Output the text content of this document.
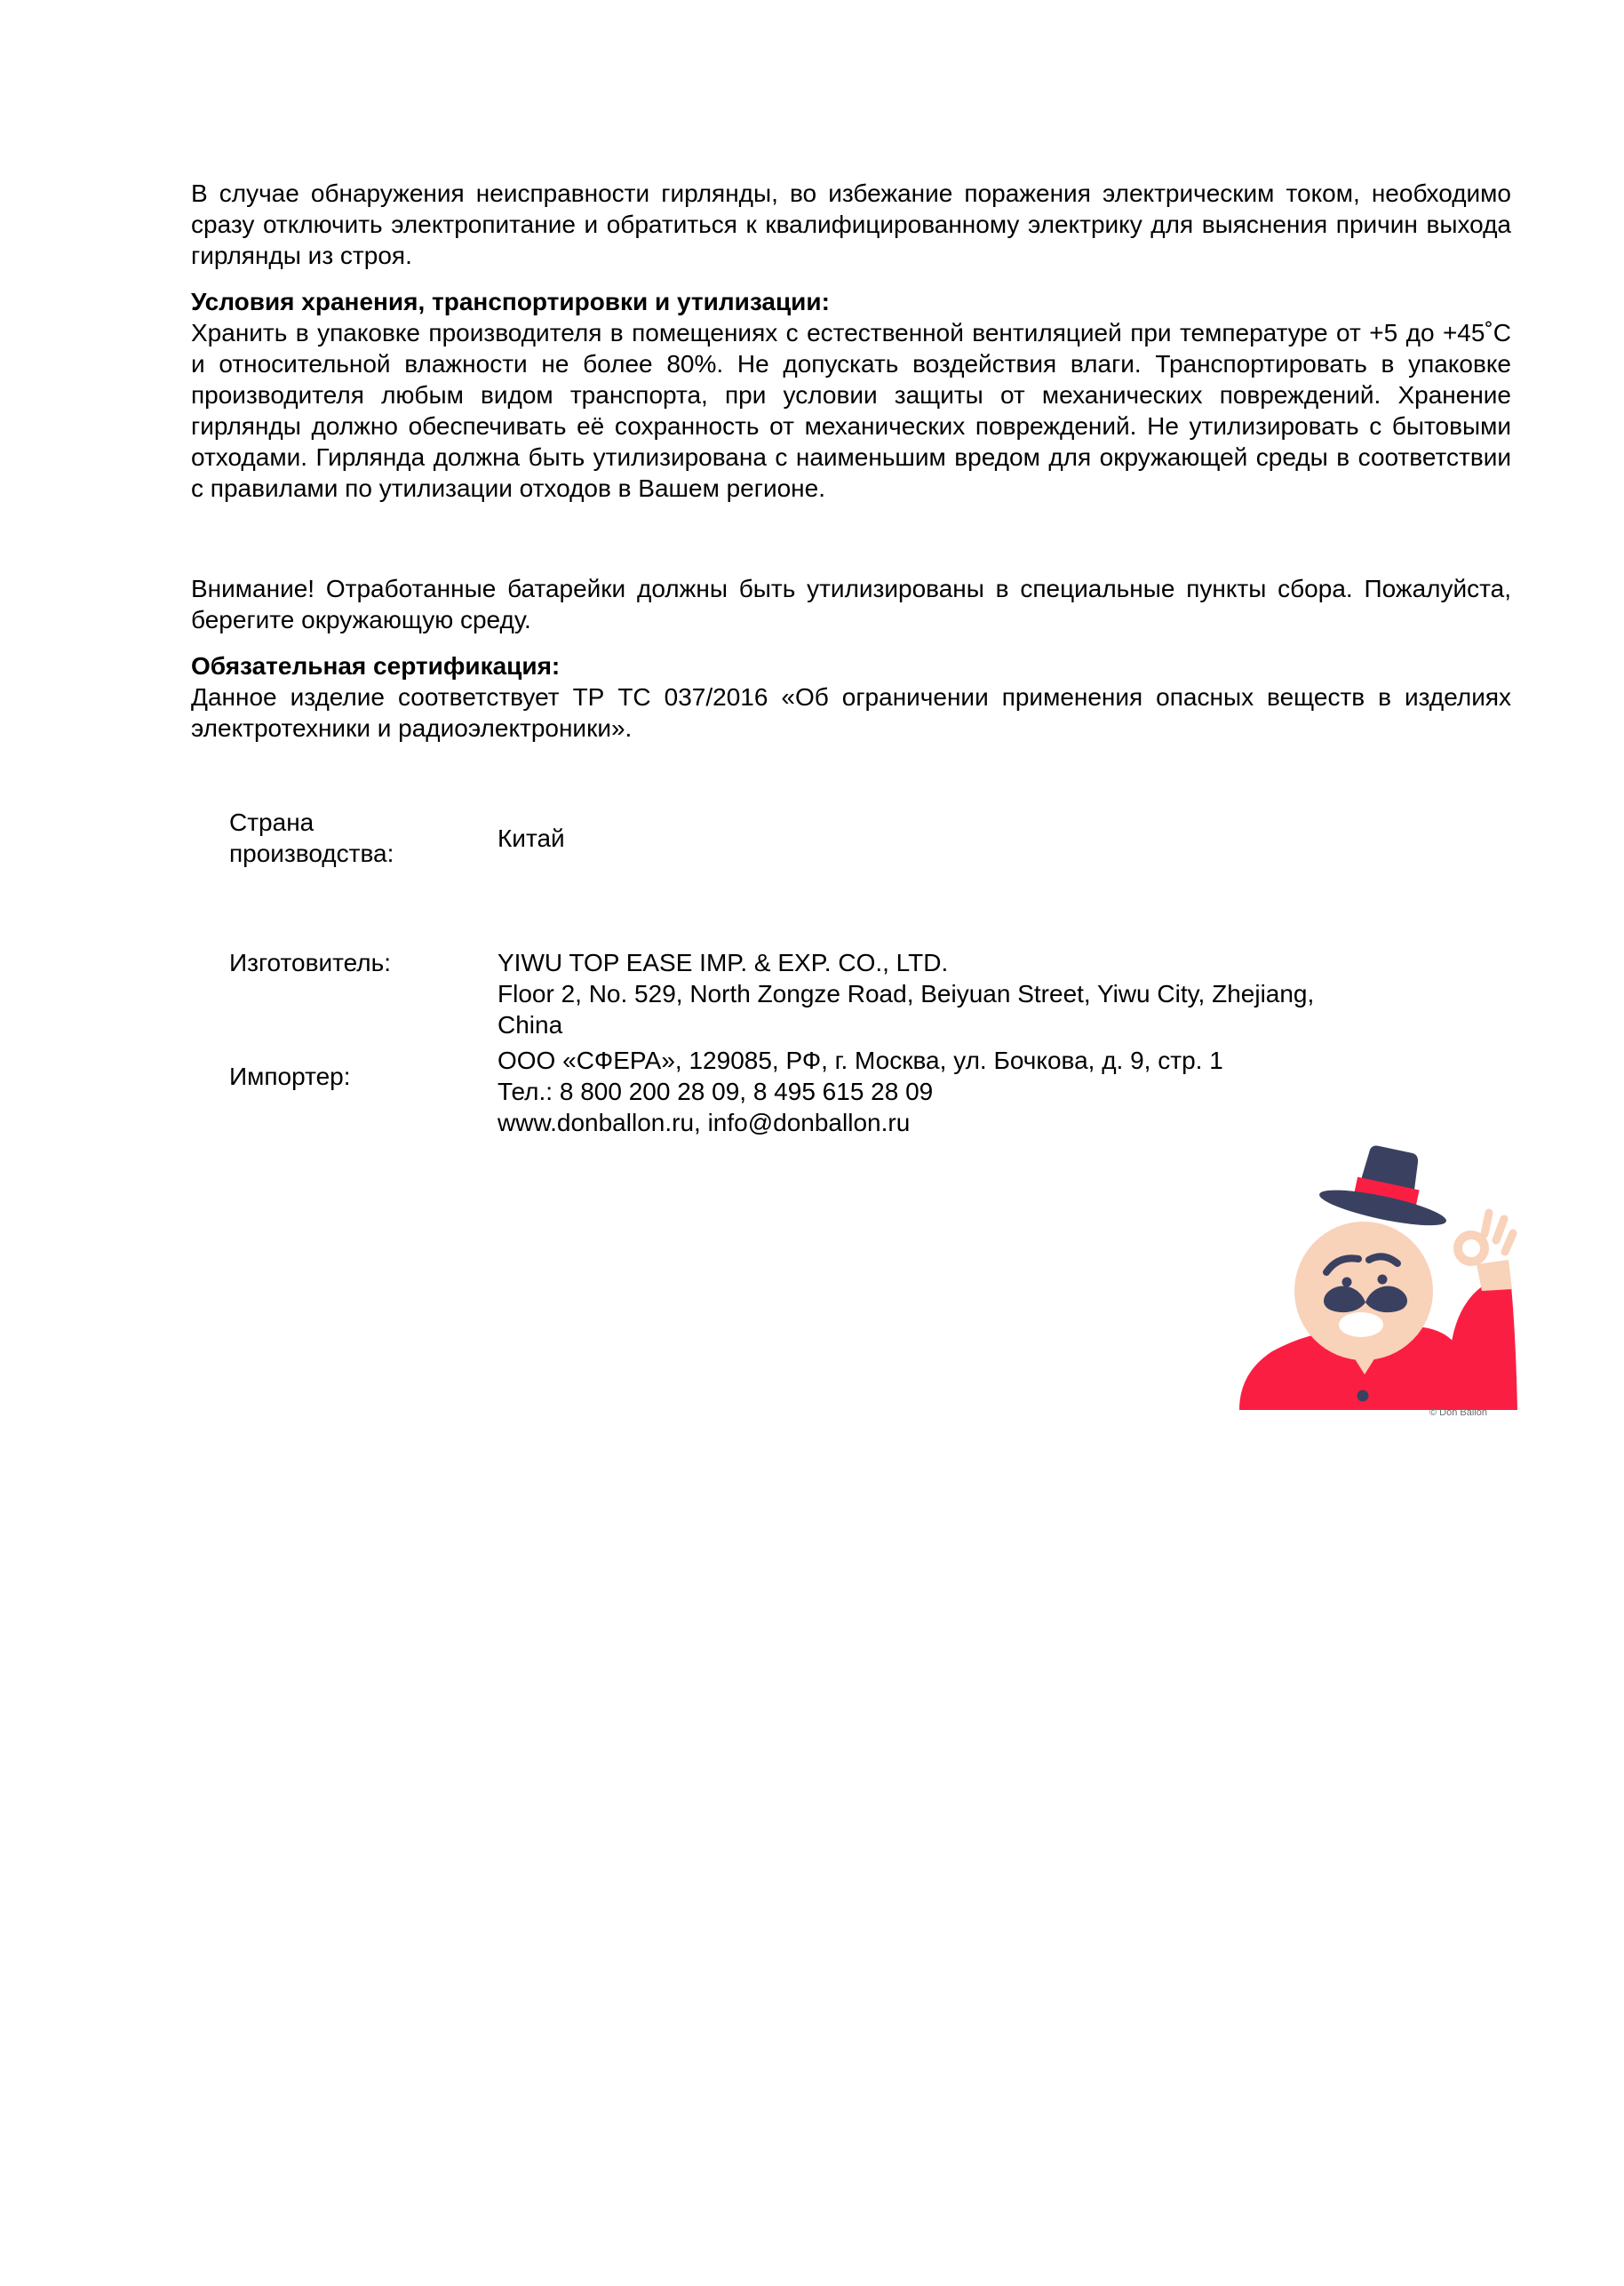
В случае обнаружения неисправности гирлянды, во избежание поражения электрическим током, необходимо сразу отключить электропитание и обратиться к квалифицированному электрику для выяснения причин выхода гирлянды из строя.

Условия хранения, транспортировки и утилизации:
Хранить в упаковке производителя в помещениях с естественной вентиляцией при температуре от +5 до +45˚С и относительной влажности не более 80%. Не допускать воздействия влаги. Транспортировать в упаковке производителя любым видом транспорта, при условии защиты от механических повреждений. Хранение гирлянды должно обеспечивать её сохранность от механических повреждений. Не утилизировать с бытовыми отходами. Гирлянда должна быть утилизирована с наименьшим вредом для окружающей среды в соответствии с правилами по утилизации отходов в Вашем регионе.

Внимание! Отработанные батарейки должны быть утилизированы в специальные пункты сбора. Пожалуйста, берегите окружающую среду.

Обязательная сертификация:
Данное изделие соответствует ТР ТС 037/2016 «Об ограничении применения опасных веществ в изделиях электротехники и радиоэлектроники».
Страна производства:
Китай
Изготовитель:	YIWU TOP EASE IMP. & EXP. CO., LTD.
Floor 2, No. 529, North Zongze Road, Beiyuan Street, Yiwu City, Zhejiang, China
Импортер:
ООО «СФЕРА», 129085, РФ, г. Москва, ул. Бочкова, д. 9, стр. 1
Тел.: 8 800 200 28 09, 8 495 615 28 09
www.donballon.ru, info@donballon.ru
© Don Ballon
